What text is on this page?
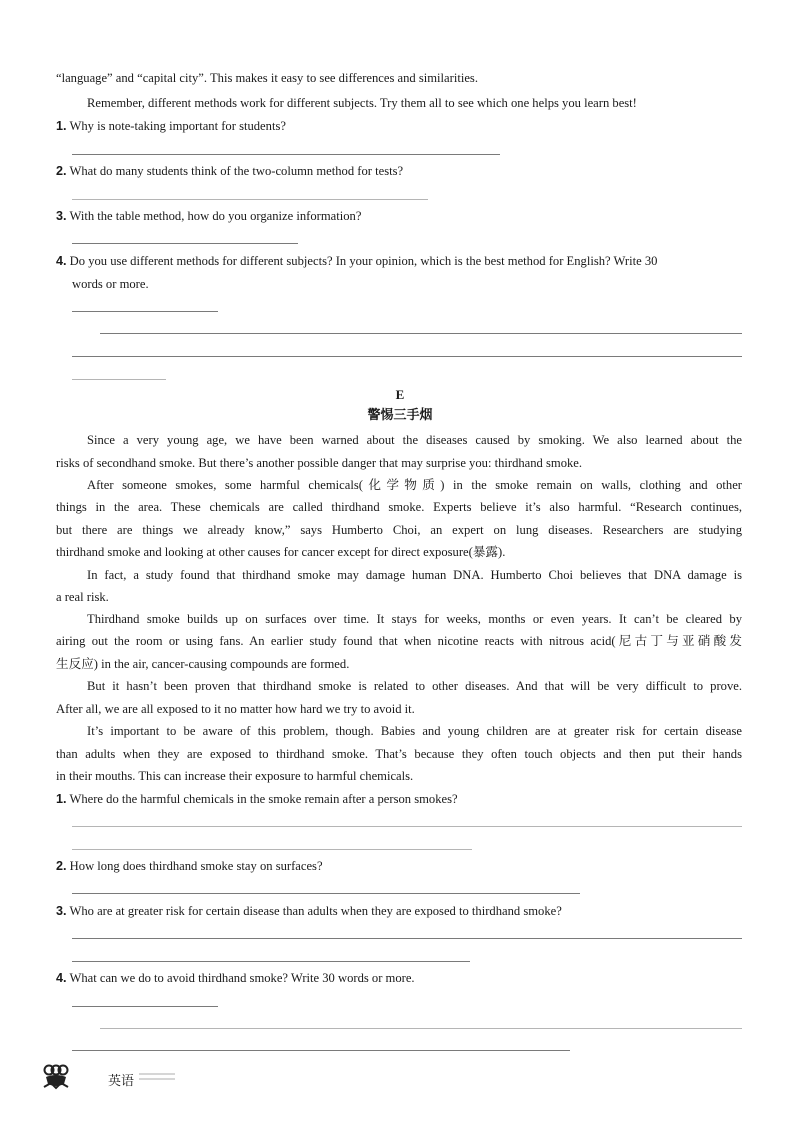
“language” and “capital city”. This makes it easy to see differences and similarities.
Remember, different methods work for different subjects. Try them all to see which one helps you learn best!
1. Why is note-taking important for students?
2. What do many students think of the two-column method for tests?
3. With the table method, how do you organize information?
4. Do you use different methods for different subjects? In your opinion, which is the best method for English? Write 30
words or more.
E
警惕三手烟
Since a very young age, we have been warned about the diseases caused by smoking. We also learned about the
risks of secondhand smoke. But there’s another possible danger that may surprise you: thirdhand smoke.
After someone smokes, some harmful chemicals(化学物质) in the smoke remain on walls, clothing and other
things in the area. These chemicals are called thirdhand smoke. Experts believe it’s also harmful. “Research continues,
but there are things we already know,” says Humberto Choi, an expert on lung diseases. Researchers are studying
thirdhand smoke and looking at other causes for cancer except for direct exposure(暴露).
In fact, a study found that thirdhand smoke may damage human DNA. Humberto Choi believes that DNA damage is
a real risk.
Thirdhand smoke builds up on surfaces over time. It stays for weeks, months or even years. It can’t be cleared by
airing out the room or using fans. An earlier study found that when nicotine reacts with nitrous acid(尼古丁与亚硝酸发
生反应) in the air, cancer-causing compounds are formed.
But it hasn’t been proven that thirdhand smoke is related to other diseases. And that will be very difficult to prove.
After all, we are all exposed to it no matter how hard we try to avoid it.
It’s important to be aware of this problem, though. Babies and young children are at greater risk for certain disease
than adults when they are exposed to thirdhand smoke. That’s because they often touch objects and then put their hands
in their mouths. This can increase their exposure to harmful chemicals.
1. Where do the harmful chemicals in the smoke remain after a person smokes?
2. How long does thirdhand smoke stay on surfaces?
3. Who are at greater risk for certain disease than adults when they are exposed to thirdhand smoke?
4. What can we do to avoid thirdhand smoke? Write 30 words or more.
英语
